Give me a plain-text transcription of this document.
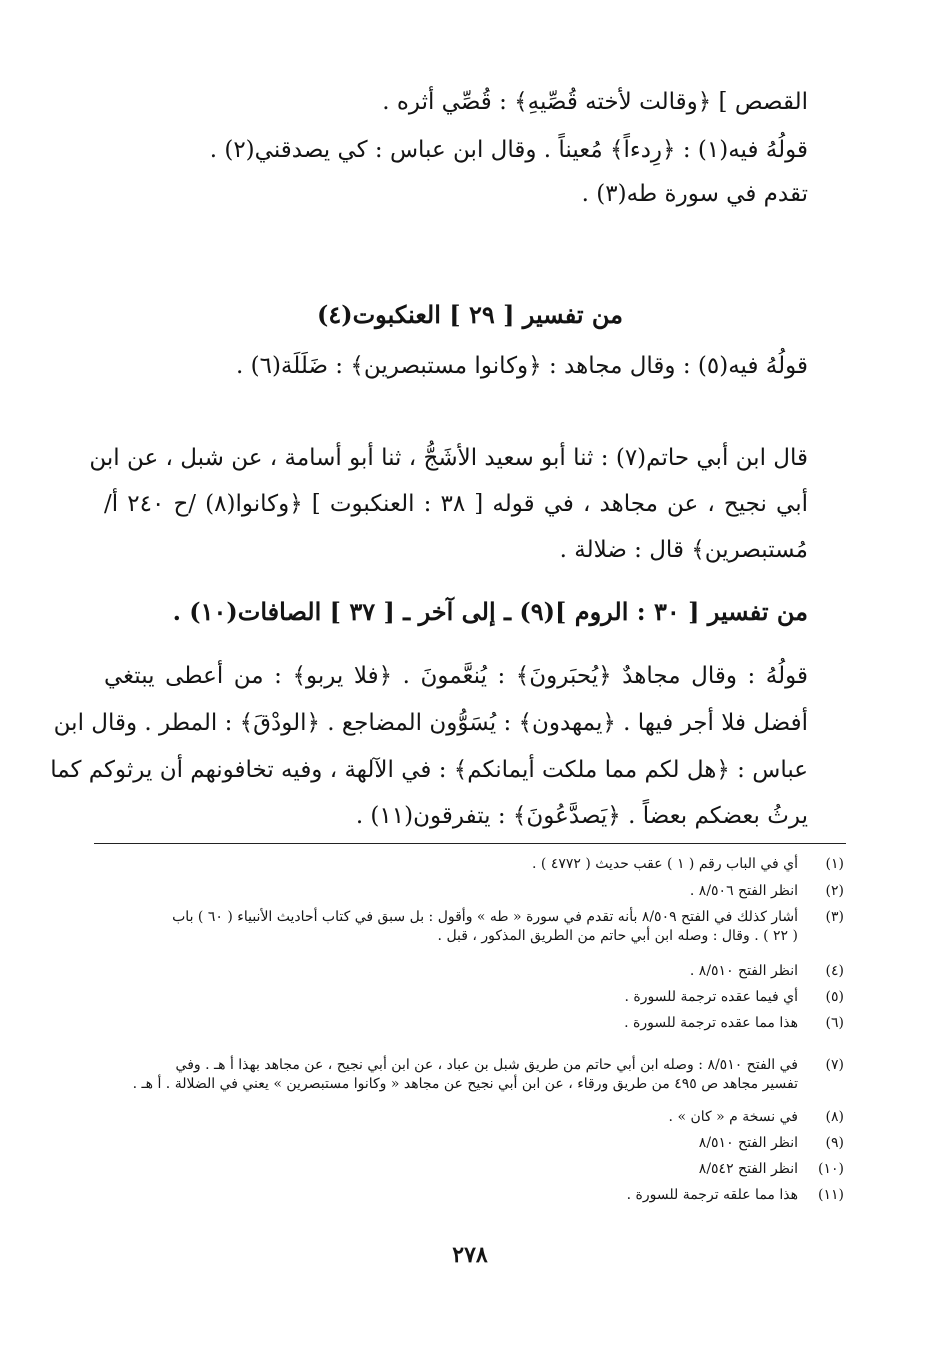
القصص ] ﴿وقالت لأخته قُصِّيهِ﴾ : قُصِّي أثره .
قولُهُ فيه(١) : ﴿رِدءاً﴾ مُعيناً . وقال ابن عباس : كي يصدقني(٢) .
تقدم في سورة طه(٣) .
من تفسير [ ٢٩ ] العنكبوت(٤)
قولُهُ فيه(٥) : وقال مجاهد : ﴿وكانوا مستبصرين﴾ : ضَلَلَة(٦) .
قال ابن أبي حاتم(٧) : ثنا أبو سعيد الأشَجُّ ، ثنا أبو أسامة ، عن شبل ، عن ابن
أبي نجيح ، عن مجاهد ، في قوله [ ٣٨ : العنكبوت ] ﴿وكانوا(٨) /ح ٢٤٠ أ/
مُستبصرين﴾ قال : ضلالة .
من تفسير [ ٣٠ : الروم ](٩) ـ إلى آخر ـ [ ٣٧ ] الصافات(١٠) .
قولُهُ : وقال مجاهدٌ ﴿يُحبَرونَ﴾ : يُنعَّمونَ . ﴿فلا يربو﴾ : من أعطى يبتغي
أفضل فلا أجر فيها . ﴿يمهدون﴾ : يُسَوُّون المضاجع . ﴿الودْقَ﴾ : المطر . وقال ابن
عباس : ﴿هل لكم مما ملكت أيمانكم﴾ : في الآلهة ، وفيه تخافونهم أن يرثوكم كما
يرثُ بعضكم بعضاً . ﴿يَصدَّعُونَ﴾ : يتفرقون(١١) .
(١)أي في الباب رقم ( ١ ) عقب حديث ( ٤٧٧٢ ) .
(٢)انظر الفتح ٨/٥٠٦ .
(٣)أشار كذلك في الفتح ٨/٥٠٩ بأنه تقدم في سورة « طه » وأقول : بل سبق في كتاب أحاديث الأنبياء ( ٦٠ ) باب
( ٢٢ ) . وقال : وصله ابن أبي حاتم من الطريق المذكور ، قبل .
(٤)انظر الفتح ٨/٥١٠ .
(٥)أي فيما عقده ترجمة للسورة .
(٦)هذا مما عقده ترجمة للسورة .
(٧)في الفتح ٨/٥١٠ : وصله ابن أبي حاتم من طريق شبل بن عباد ، عن ابن أبي نجيح ، عن مجاهد بهذا أ هـ . وفي
تفسير مجاهد ص ٤٩٥ من طريق ورقاء ، عن ابن أبي نجيح عن مجاهد « وكانوا مستبصرين » يعني في الضلالة . أ هـ .
(٨)في نسخة م « كان » .
(٩)انظر الفتح ٨/٥١٠
(١٠)انظر الفتح ٨/٥٤٢
(١١)هذا مما علقه ترجمة للسورة .
٢٧٨
